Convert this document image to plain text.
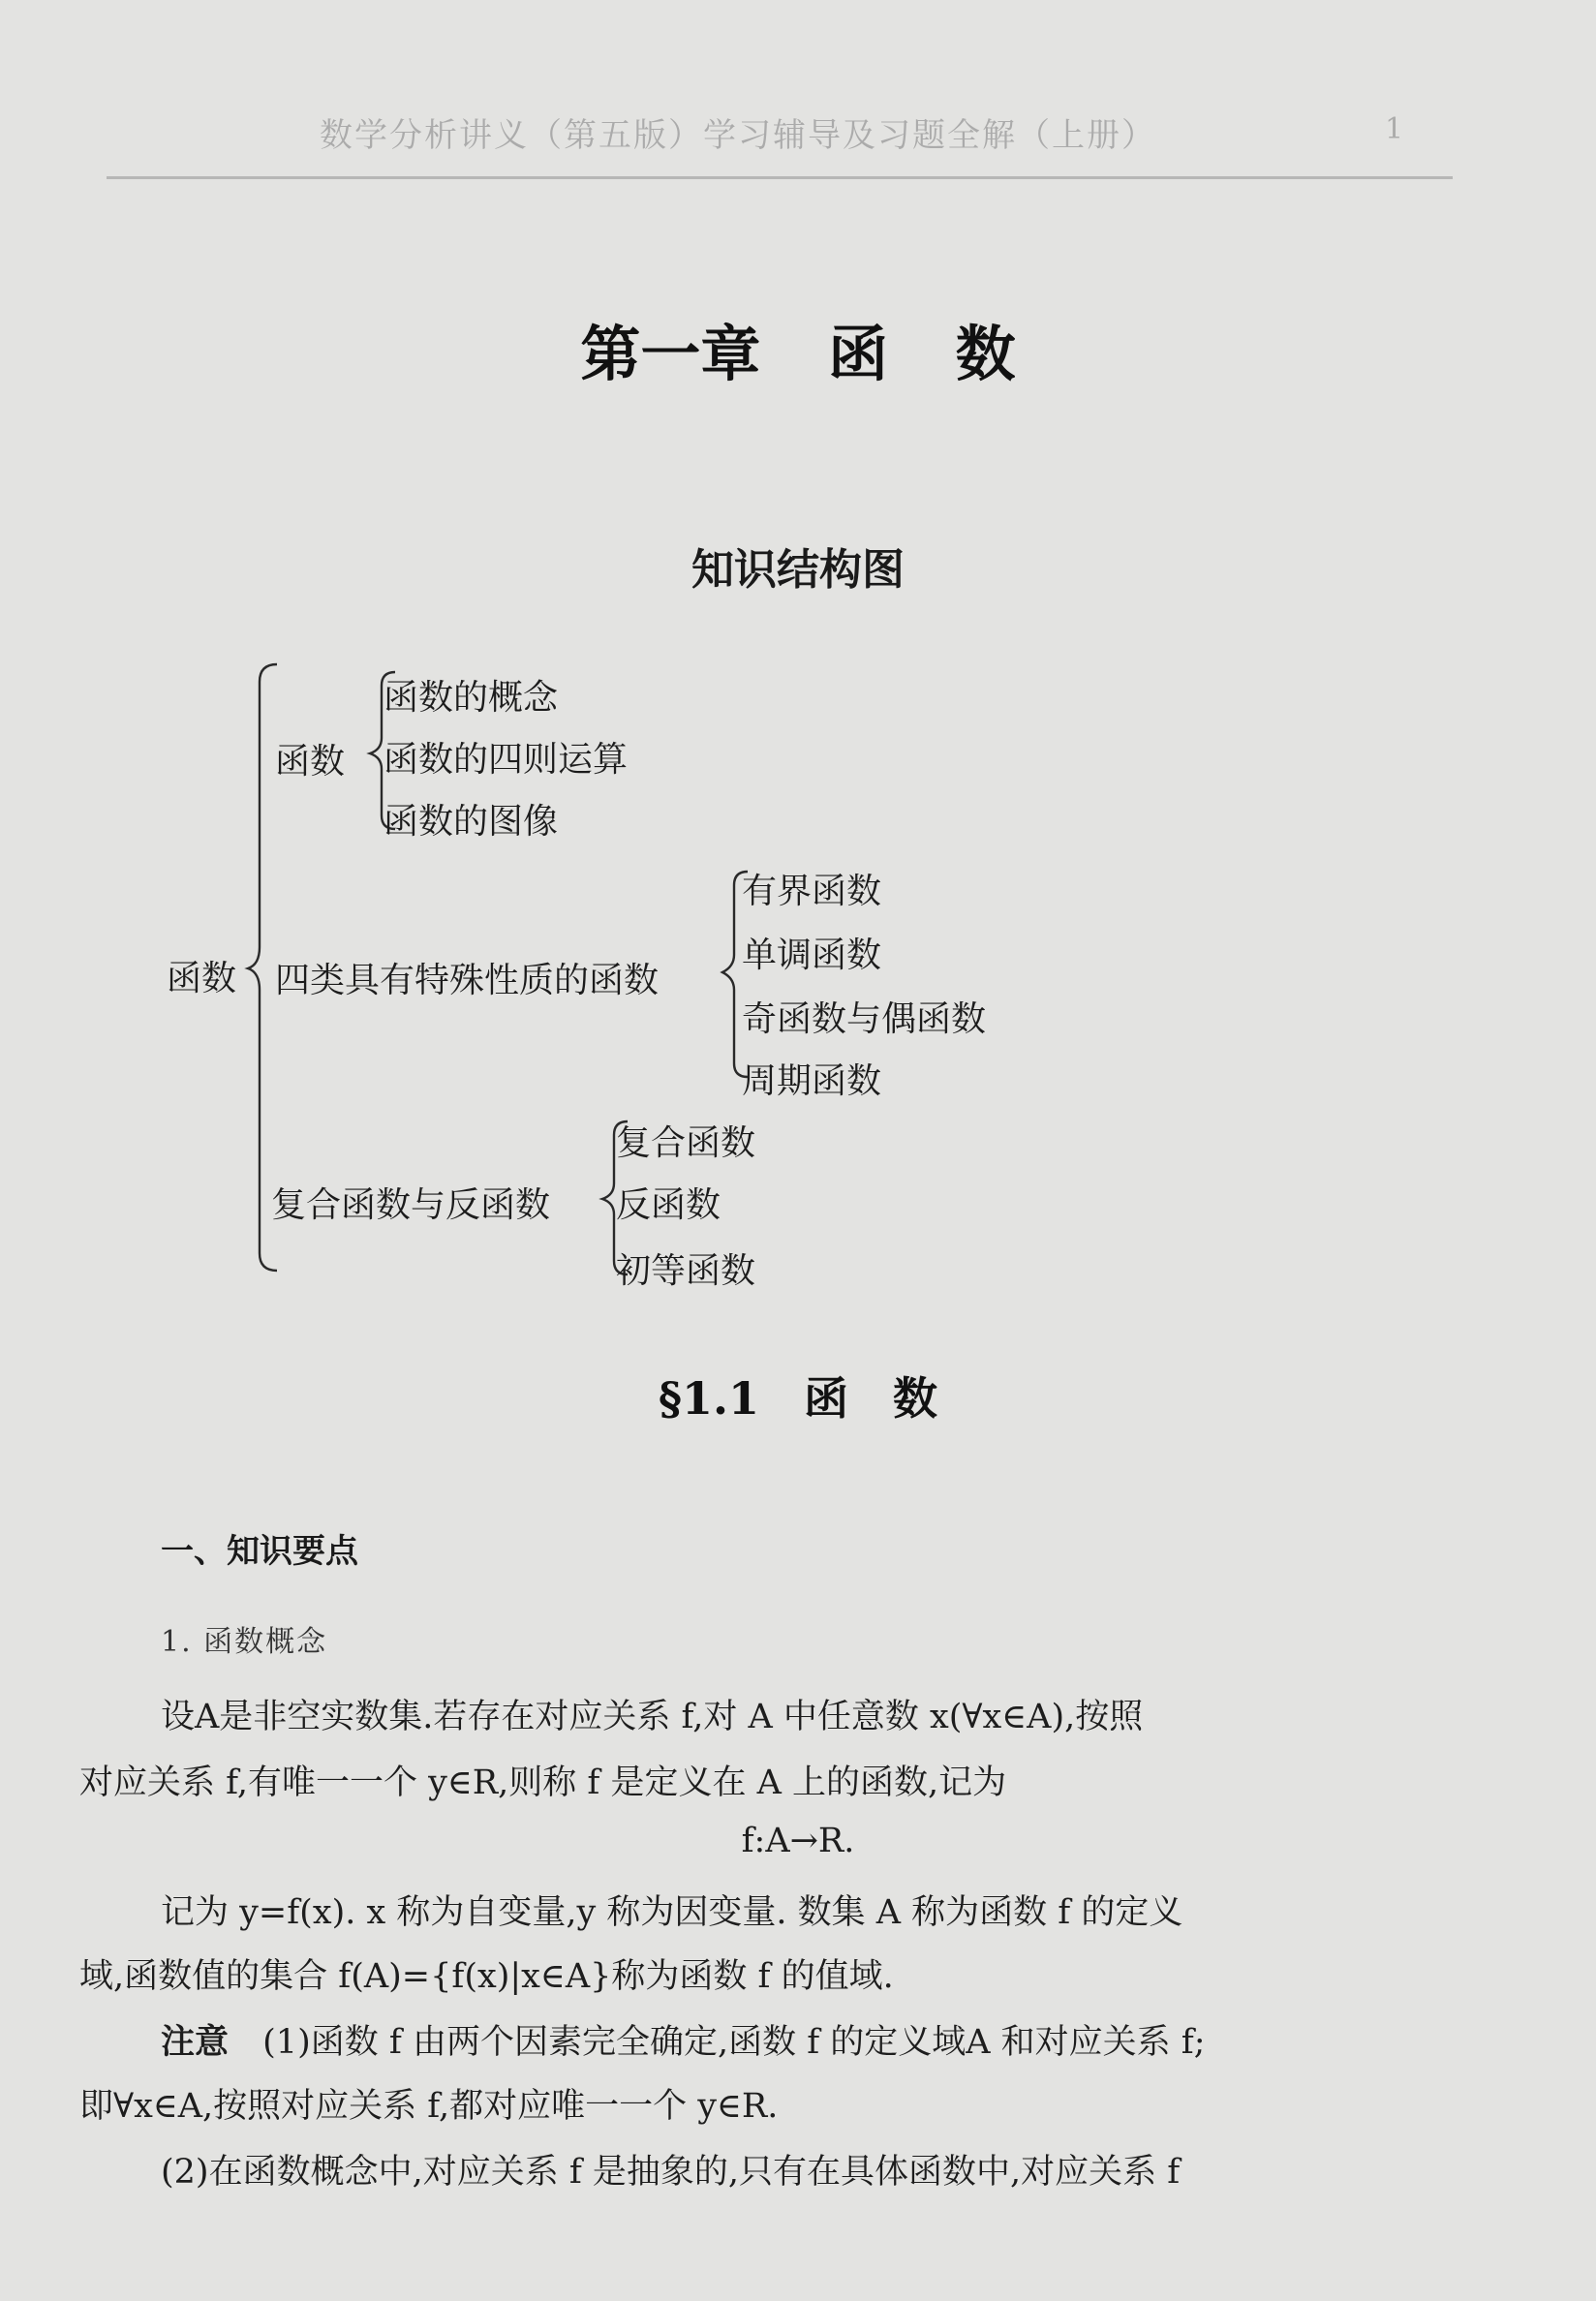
数学分析讲义（第五版）学习辅导及习题全解（上册）	1
第一章 函 数
知识结构图
函数
函数
函数的概念
函数的四则运算
函数的图像
四类具有特殊性质的函数
有界函数
单调函数
奇函数与偶函数
周期函数
复合函数与反函数
复合函数
反函数
初等函数
§1.1 函 数
一、知识要点
1. 函数概念
设A是非空实数集.若存在对应关系 f,对 A 中任意数 x(∀x∈A),按照
对应关系 f,有唯一一个 y∈R,则称 f 是定义在 A 上的函数,记为
f:A→R.
记为 y=f(x). x 称为自变量,y 称为因变量. 数集 A 称为函数 f 的定义
域,函数值的集合 f(A)={f(x)|x∈A}称为函数 f 的值域.
注意 (1)函数 f 由两个因素完全确定,函数 f 的定义域A 和对应关系 f;
即∀x∈A,按照对应关系 f,都对应唯一一个 y∈R.
(2)在函数概念中,对应关系 f 是抽象的,只有在具体函数中,对应关系 f
